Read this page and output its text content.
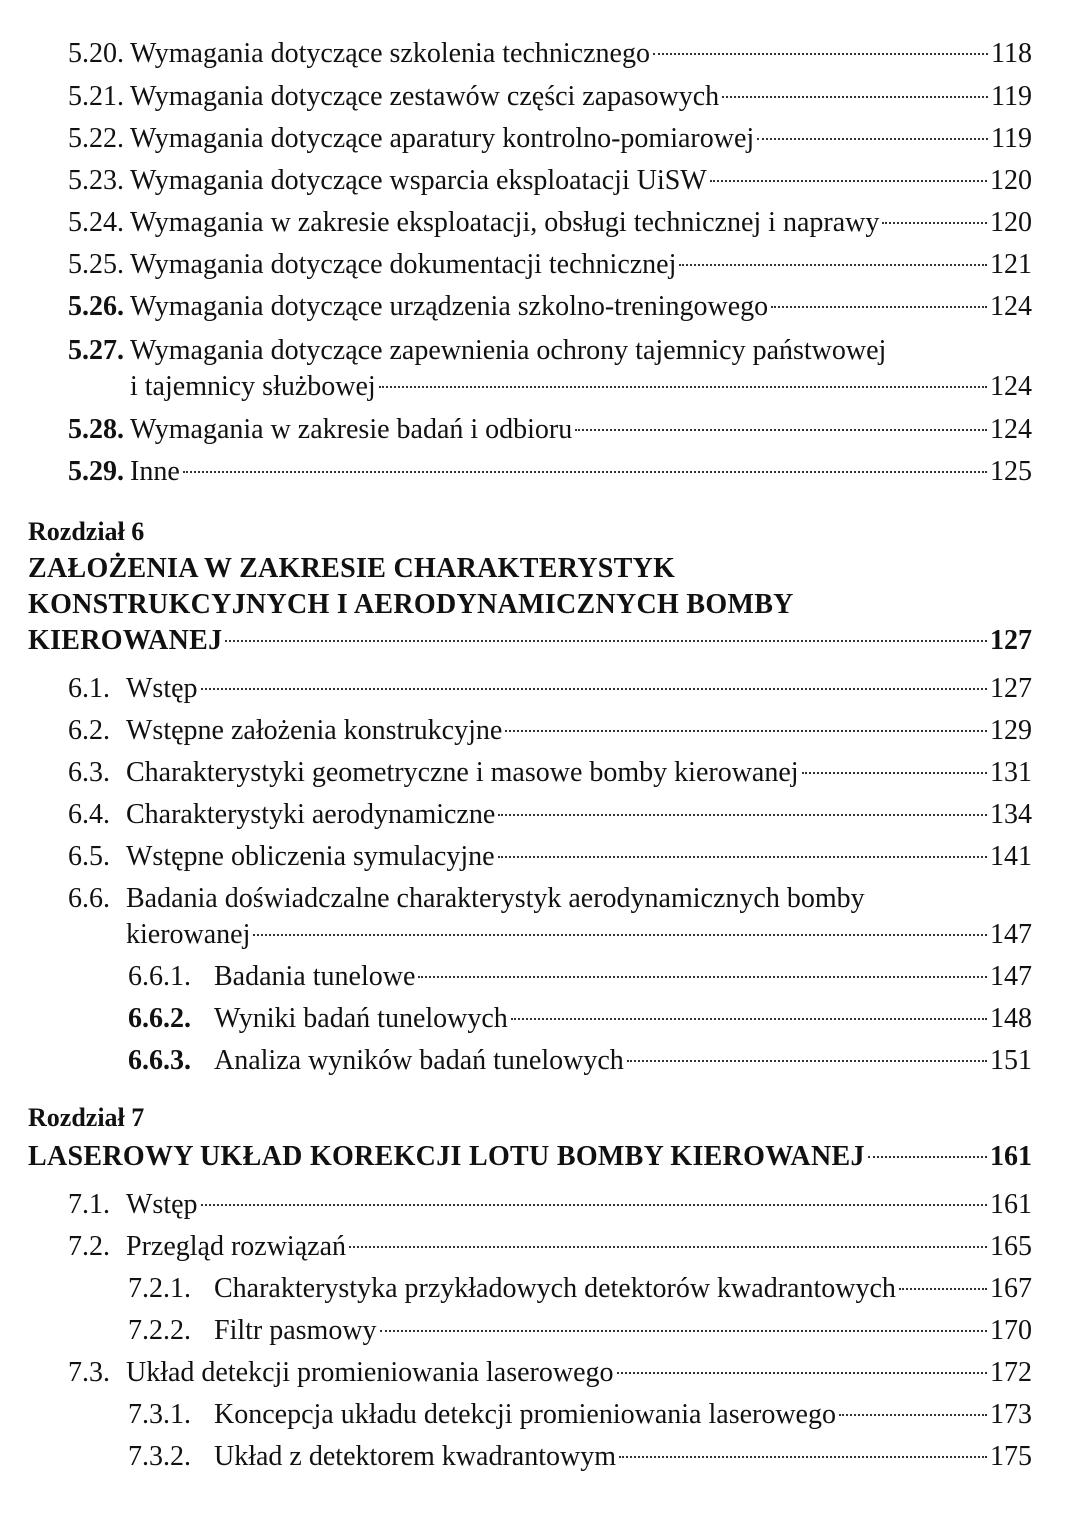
5.20. Wymagania dotyczące szkolenia technicznego	118
5.21. Wymagania dotyczące zestawów części zapasowych	119
5.22. Wymagania dotyczące aparatury kontrolno-pomiarowej	119
5.23. Wymagania dotyczące wsparcia eksploatacji UiSW	120
5.24. Wymagania w zakresie eksploatacji, obsługi technicznej i naprawy	120
5.25. Wymagania dotyczące dokumentacji technicznej	121
5.26. Wymagania dotyczące urządzenia szkolno-treningowego	124
5.27. Wymagania dotyczące zapewnienia ochrony tajemnicy państwowej
i tajemnicy służbowej	124
5.28. Wymagania w zakresie badań i odbioru	124
5.29. Inne	125
Rozdział 6
ZAŁOŻENIA W ZAKRESIE CHARAKTERYSTYK
KONSTRUKCYJNYCH I AERODYNAMICZNYCH BOMBY
KIEROWANEJ	127
6.1. Wstęp	127
6.2. Wstępne założenia konstrukcyjne	129
6.3. Charakterystyki geometryczne i masowe bomby kierowanej	131
6.4. Charakterystyki aerodynamiczne	134
6.5. Wstępne obliczenia symulacyjne	141
6.6. Badania doświadczalne charakterystyk aerodynamicznych bomby
kierowanej	147
6.6.1. Badania tunelowe	147
6.6.2. Wyniki badań tunelowych	148
6.6.3. Analiza wyników badań tunelowych	151
Rozdział 7
LASEROWY UKŁAD KOREKCJI LOTU BOMBY KIEROWANEJ	161
7.1. Wstęp	161
7.2. Przegląd rozwiązań	165
7.2.1. Charakterystyka przykładowych detektorów kwadrantowych	167
7.2.2. Filtr pasmowy	170
7.3. Układ detekcji promieniowania laserowego	172
7.3.1. Koncepcja układu detekcji promieniowania laserowego	173
7.3.2. Układ z detektorem kwadrantowym	175
